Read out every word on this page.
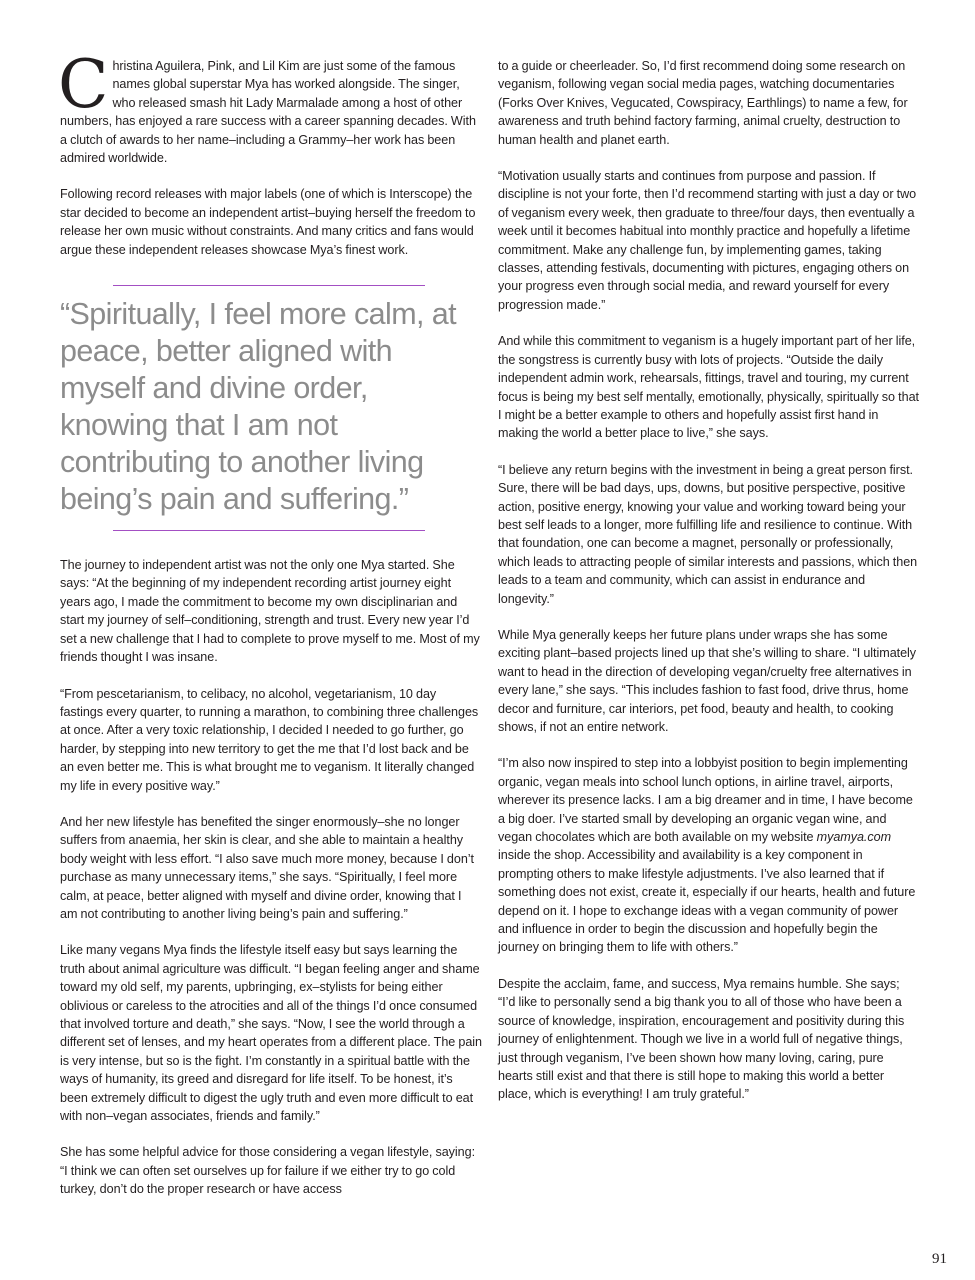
Christina Aguilera, Pink, and Lil Kim are just some of the famous names global superstar Mya has worked alongside. The singer, who released smash hit Lady Marmalade among a host of other numbers, has enjoyed a rare success with a career spanning decades. With a clutch of awards to her name–including a Grammy–her work has been admired worldwide.

Following record releases with major labels (one of which is Interscope) the star decided to become an independent artist–buying herself the freedom to release her own music without constraints. And many critics and fans would argue these independent releases showcase Mya’s finest work.

“Spiritually, I feel more calm, at peace, better aligned with myself and divine order, knowing that I am not contributing to another living being’s pain and suffering.”

The journey to independent artist was not the only one Mya started. She says: “At the beginning of my independent recording artist journey eight years ago, I made the commitment to become my own disciplinarian and start my journey of self–conditioning, strength and trust. Every new year I’d set a new challenge that I had to complete to prove myself to me. Most of my friends thought I was insane.

“From pescetarianism, to celibacy, no alcohol, vegetarianism, 10 day fastings every quarter, to running a marathon, to combining three challenges at once. After a very toxic relationship, I decided I needed to go further, go harder, by stepping into new territory to get the me that I’d lost back and be an even better me. This is what brought me to veganism. It literally changed my life in every positive way.”

And her new lifestyle has benefited the singer enormously–she no longer suffers from anaemia, her skin is clear, and she able to maintain a healthy body weight with less effort. “I also save much more money, because I don’t purchase as many unnecessary items,” she says. “Spiritually, I feel more calm, at peace, better aligned with myself and divine order, knowing that I am not contributing to another living being’s pain and suffering.”

Like many vegans Mya finds the lifestyle itself easy but says learning the truth about animal agriculture was difficult. “I began feeling anger and shame toward my old self, my parents, upbringing, ex–stylists for being either oblivious or careless to the atrocities and all of the things I’d once consumed that involved torture and death,” she says. “Now, I see the world through a different set of lenses, and my heart operates from a different place. The pain is very intense, but so is the fight. I’m constantly in a spiritual battle with the ways of humanity, its greed and disregard for life itself. To be honest, it’s been extremely difficult to digest the ugly truth and even more difficult to eat with non–vegan associates, friends and family.”

She has some helpful advice for those considering a vegan lifestyle, saying: “I think we can often set ourselves up for failure if we either try to go cold turkey, don’t do the proper research or have access

to a guide or cheerleader. So, I’d first recommend doing some research on veganism, following vegan social media pages, watching documentaries (Forks Over Knives, Vegucated, Cowspiracy, Earthlings) to name a few, for awareness and truth behind factory farming, animal cruelty, destruction to human health and planet earth.

“Motivation usually starts and continues from purpose and passion. If discipline is not your forte, then I’d recommend starting with just a day or two of veganism every week, then graduate to three/four days, then eventually a week until it becomes habitual into monthly practice and hopefully a lifetime commitment. Make any challenge fun, by implementing games, taking classes, attending festivals, documenting with pictures, engaging others on your progress even through social media, and reward yourself for every progression made.”

And while this commitment to veganism is a hugely important part of her life, the songstress is currently busy with lots of projects. “Outside the daily independent admin work, rehearsals, fittings, travel and touring, my current focus is being my best self mentally, emotionally, physically, spiritually so that I might be a better example to others and hopefully assist first hand in making the world a better place to live,” she says.

“I believe any return begins with the investment in being a great person first. Sure, there will be bad days, ups, downs, but positive perspective, positive action, positive energy, knowing your value and working toward being your best self leads to a longer, more fulfilling life and resilience to continue. With that foundation, one can become a magnet, personally or professionally, which leads to attracting people of similar interests and passions, which then leads to a team and community, which can assist in endurance and longevity.”

While Mya generally keeps her future plans under wraps she has some exciting plant–based projects lined up that she’s willing to share. “I ultimately want to head in the direction of developing vegan/cruelty free alternatives in every lane,” she says. “This includes fashion to fast food, drive thrus, home decor and furniture, car interiors, pet food, beauty and health, to cooking shows, if not an entire network.

“I’m also now inspired to step into a lobbyist position to begin implementing organic, vegan meals into school lunch options, in airline travel, airports, wherever its presence lacks. I am a big dreamer and in time, I have become a big doer. I’ve started small by developing an organic vegan wine, and vegan chocolates which are both available on my website myamya.com inside the shop. Accessibility and availability is a key component in prompting others to make lifestyle adjustments. I’ve also learned that if something does not exist, create it, especially if our hearts, health and future depend on it. I hope to exchange ideas with a vegan community of power and influence in order to begin the discussion and hopefully begin the journey on bringing them to life with others.”

Despite the acclaim, fame, and success, Mya remains humble. She says; “I’d like to personally send a big thank you to all of those who have been a source of knowledge, inspiration, encouragement and positivity during this journey of enlightenment. Though we live in a world full of negative things, just through veganism, I’ve been shown how many loving, caring, pure hearts still exist and that there is still hope to making this world a better place, which is everything! I am truly grateful.”

91
